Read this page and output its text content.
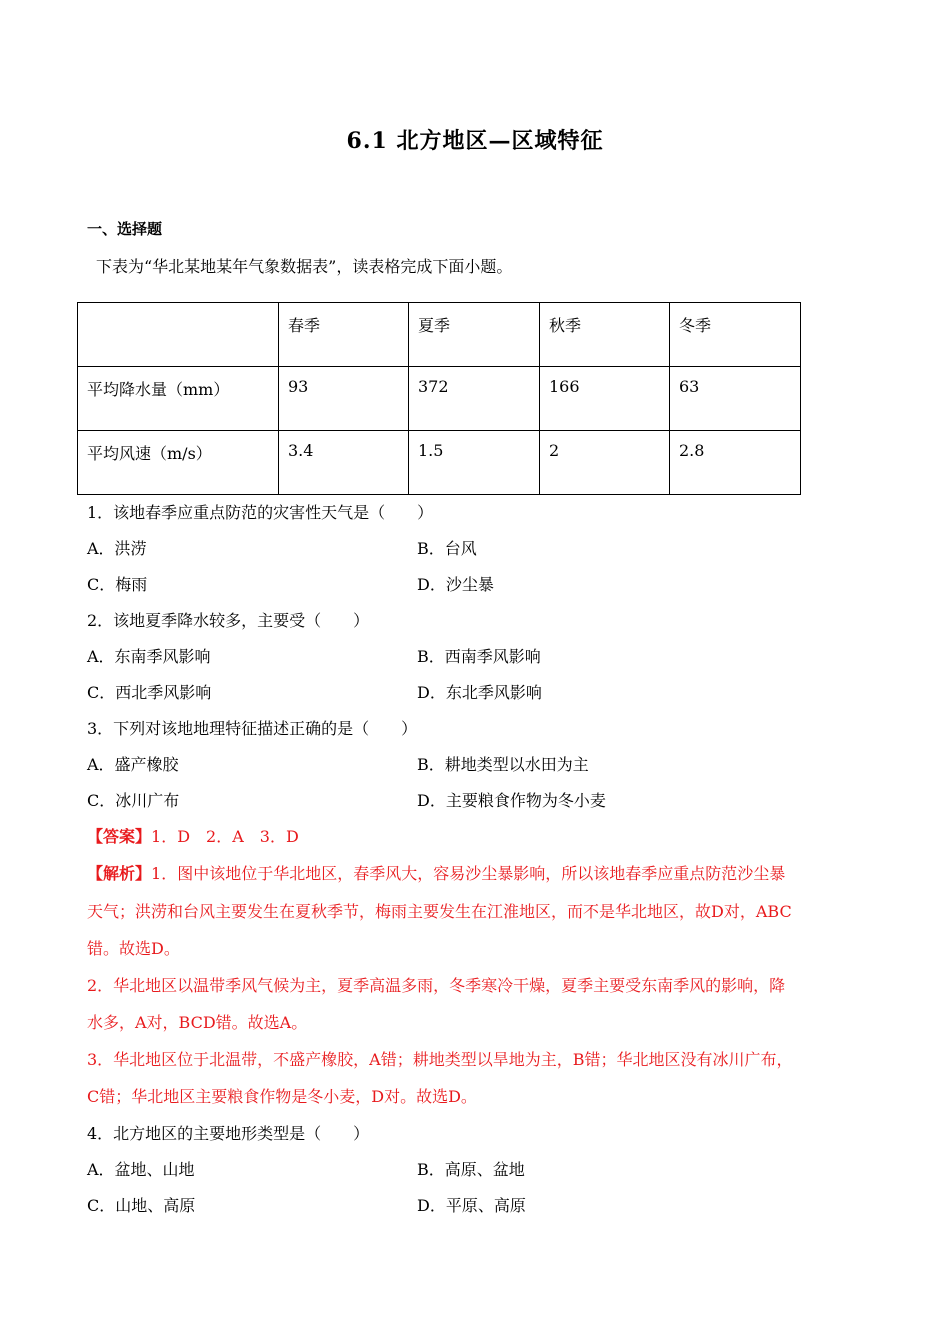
6.1 北方地区—区域特征
一、选择题
下表为“华北某地某年气象数据表”，读表格完成下面小题。
	春季	夏季	秋季	冬季
平均降水量（mm）	93	372	166	63
平均风速（m/s）	3.4	1.5	2	2.8
1．该地春季应重点防范的灾害性天气是（　　）
A．洪涝	B．台风
C．梅雨	D．沙尘暴
2．该地夏季降水较多，主要受（　　）
A．东南季风影响	B．西南季风影响
C．西北季风影响	D．东北季风影响
3．下列对该地地理特征描述正确的是（　　）
A．盛产橡胶	B．耕地类型以水田为主
C．冰川广布	D．主要粮食作物为冬小麦
【答案】1．D　2．A　3．D
【解析】1．图中该地位于华北地区，春季风大，容易沙尘暴影响，所以该地春季应重点防范沙尘暴
天气；洪涝和台风主要发生在夏秋季节，梅雨主要发生在江淮地区，而不是华北地区，故D对，ABC
错。故选D。
2．华北地区以温带季风气候为主，夏季高温多雨，冬季寒冷干燥，夏季主要受东南季风的影响，降
水多，A对，BCD错。故选A。
3．华北地区位于北温带，不盛产橡胶，A错；耕地类型以旱地为主，B错；华北地区没有冰川广布，
C错；华北地区主要粮食作物是冬小麦，D对。故选D。
4．北方地区的主要地形类型是（　　）
A．盆地、山地	B．高原、盆地
C．山地、高原	D．平原、高原
